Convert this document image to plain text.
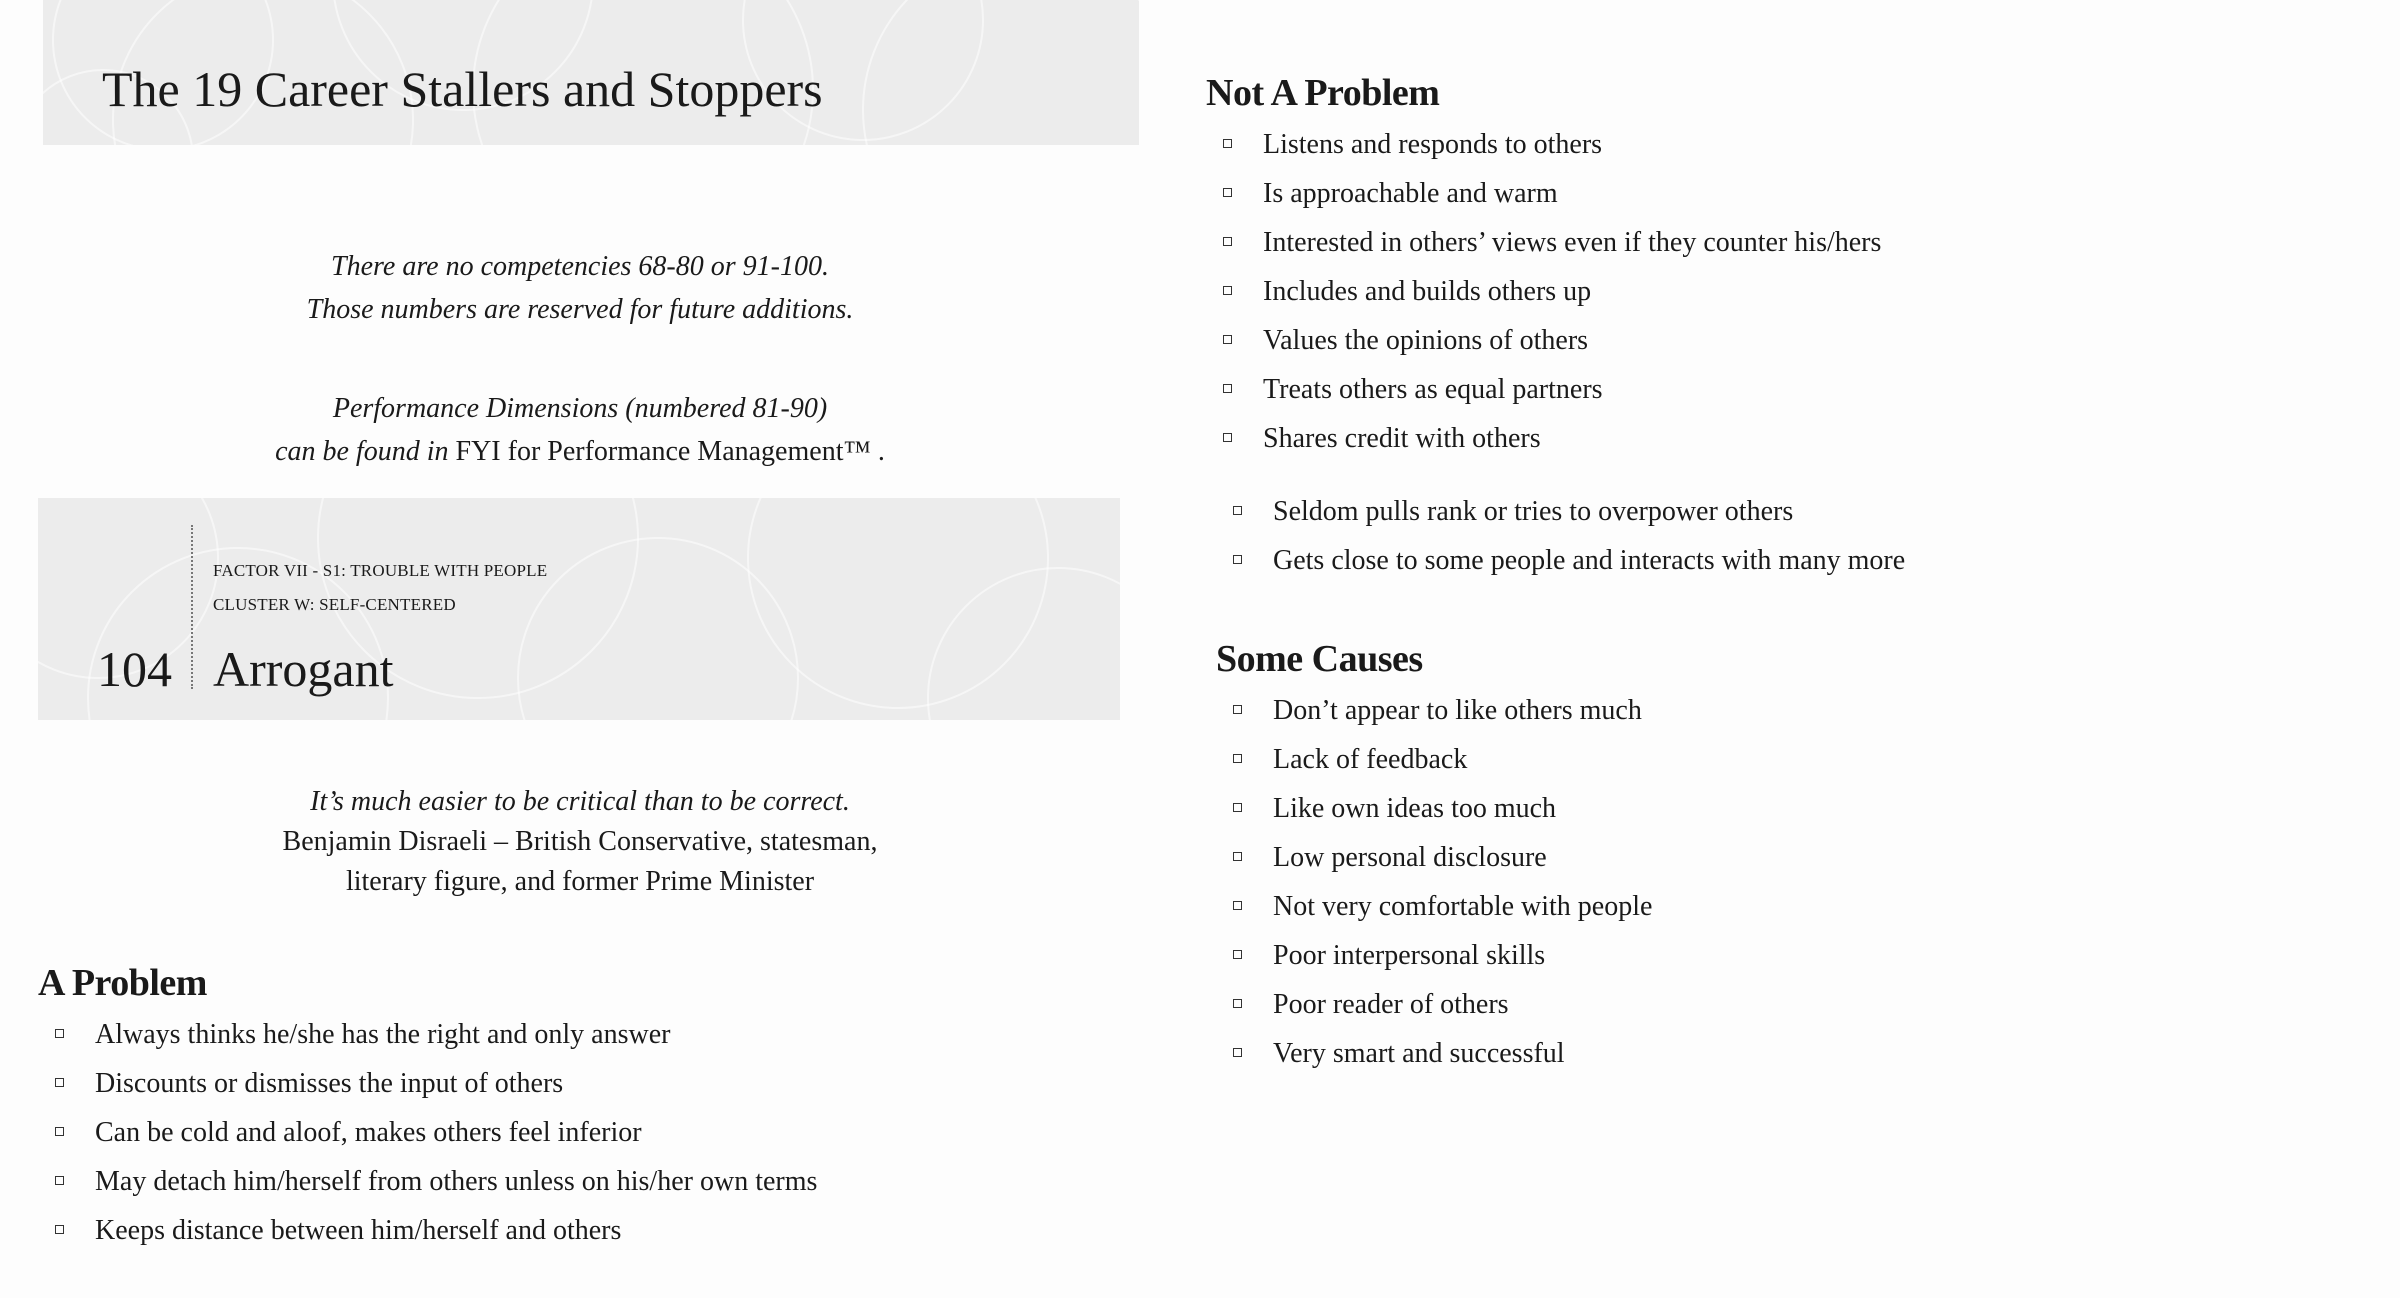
The 19 Career Stallers and Stoppers
There are no competencies 68-80 or 91-100.
Those numbers are reserved for future additions.
Performance Dimensions (numbered 81-90)
can be found in FYI for Performance Management™ .
FACTOR VII - S1: TROUBLE WITH PEOPLE
CLUSTER W: SELF-CENTERED
104 Arrogant
It’s much easier to be critical than to be correct.
Benjamin Disraeli – British Conservative, statesman,
literary figure, and former Prime Minister
A Problem
Always thinks he/she has the right and only answer
Discounts or dismisses the input of others
Can be cold and aloof, makes others feel inferior
May detach him/herself from others unless on his/her own terms
Keeps distance between him/herself and others
Not A Problem
Listens and responds to others
Is approachable and warm
Interested in others’ views even if they counter his/hers
Includes and builds others up
Values the opinions of others
Treats others as equal partners
Shares credit with others
Seldom pulls rank or tries to overpower others
Gets close to some people and interacts with many more
Some Causes
Don’t appear to like others much
Lack of feedback
Like own ideas too much
Low personal disclosure
Not very comfortable with people
Poor interpersonal skills
Poor reader of others
Very smart and successful
